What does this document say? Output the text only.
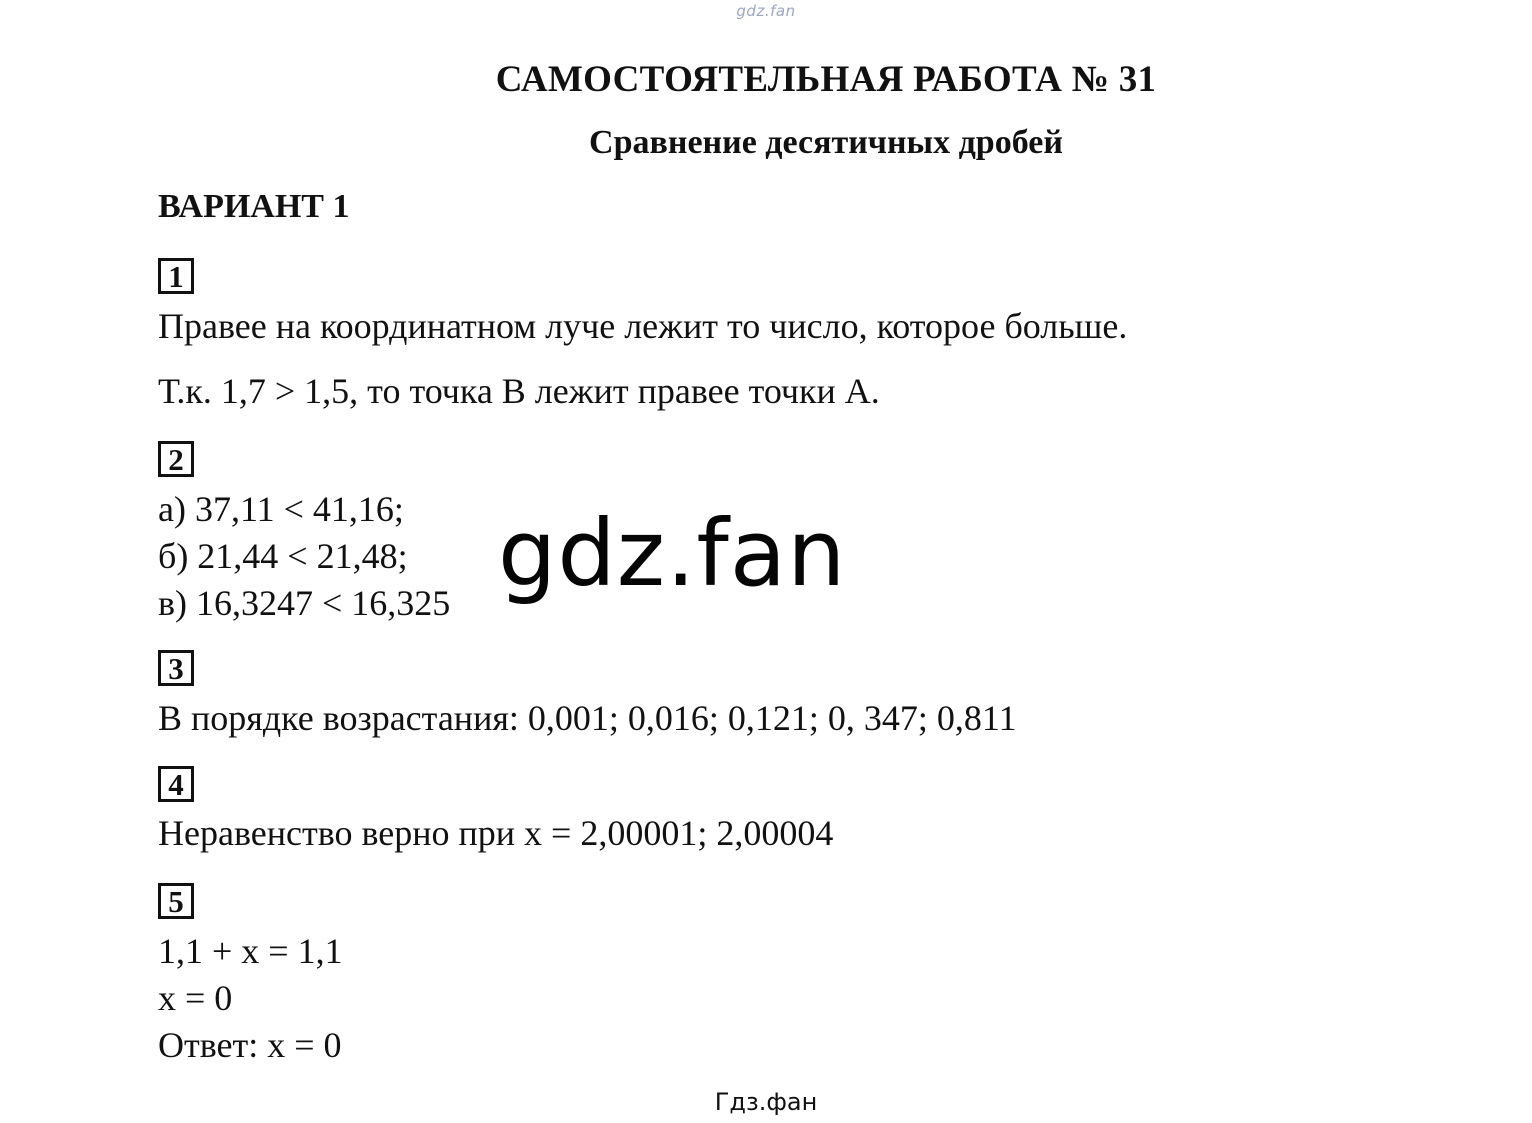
gdz.fan
САМОСТОЯТЕЛЬНАЯ РАБОТА № 31
Сравнение десятичных дробей
ВАРИАНТ 1
1
Правее на координатном луче лежит то число, которое больше.
Т.к. 1,7 > 1,5, то точка В лежит правее точки А.
2
а) 37,11 < 41,16;
б) 21,44 < 21,48;
в) 16,3247 < 16,325
3
В порядке возрастания: 0,001; 0,016; 0,121; 0, 347; 0,811
4
Неравенство верно при x = 2,00001; 2,00004
5
1,1 + x = 1,1
x = 0
Ответ: x = 0
gdz.fan
Гдз.фан
